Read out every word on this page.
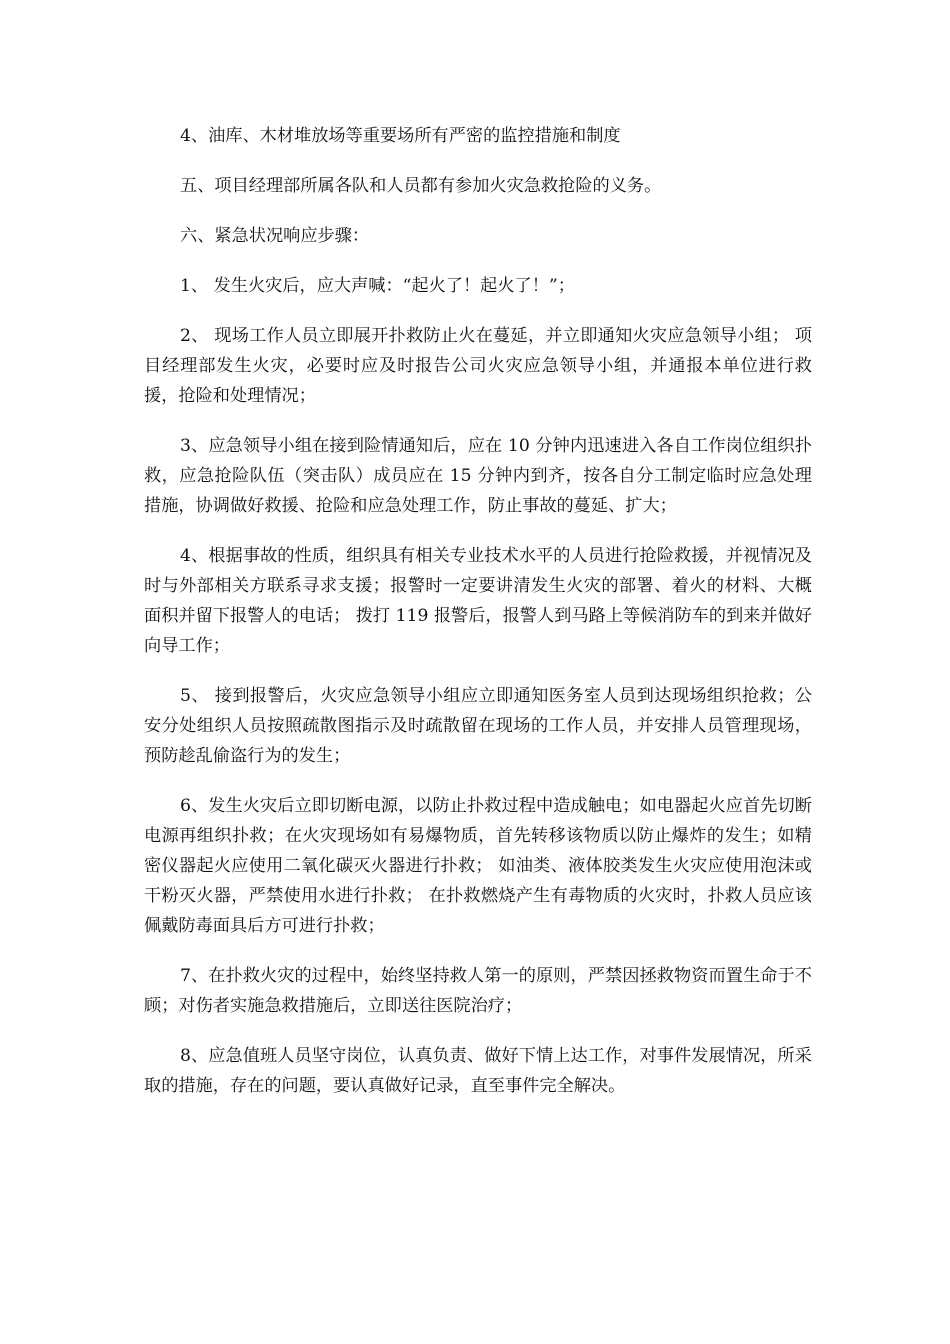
4、油库、木材堆放场等重要场所有严密的监控措施和制度

五、项目经理部所属各队和人员都有参加火灾急救抢险的义务。

六、紧急状况响应步骤：

1、 发生火灾后，应大声喊：“起火了！起火了！”；

2、 现场工作人员立即展开扑救防止火在蔓延，并立即通知火灾应急领导小组； 项目经理部发生火灾，必要时应及时报告公司火灾应急领导小组，并通报本单位进行救援，抢险和处理情况；

3、应急领导小组在接到险情通知后，应在 10 分钟内迅速进入各自工作岗位组织扑救，应急抢险队伍（突击队）成员应在 15 分钟内到齐，按各自分工制定临时应急处理措施，协调做好救援、抢险和应急处理工作，防止事故的蔓延、扩大；

4、根据事故的性质，组织具有相关专业技术水平的人员进行抢险救援，并视情况及时与外部相关方联系寻求支援；报警时一定要讲清发生火灾的部署、着火的材料、大概面积并留下报警人的电话； 拨打 119 报警后，报警人到马路上等候消防车的到来并做好向导工作；

5、 接到报警后，火灾应急领导小组应立即通知医务室人员到达现场组织抢救；公安分处组织人员按照疏散图指示及时疏散留在现场的工作人员，并安排人员管理现场，预防趁乱偷盗行为的发生；

6、发生火灾后立即切断电源，以防止扑救过程中造成触电；如电器起火应首先切断电源再组织扑救；在火灾现场如有易爆物质，首先转移该物质以防止爆炸的发生；如精密仪器起火应使用二氧化碳灭火器进行扑救； 如油类、液体胶类发生火灾应使用泡沫或干粉灭火器，严禁使用水进行扑救； 在扑救燃烧产生有毒物质的火灾时，扑救人员应该佩戴防毒面具后方可进行扑救；

7、在扑救火灾的过程中，始终坚持救人第一的原则，严禁因拯救物资而置生命于不顾；对伤者实施急救措施后，立即送往医院治疗；

8、应急值班人员坚守岗位，认真负责、做好下情上达工作，对事件发展情况，所采取的措施，存在的问题，要认真做好记录，直至事件完全解决。
